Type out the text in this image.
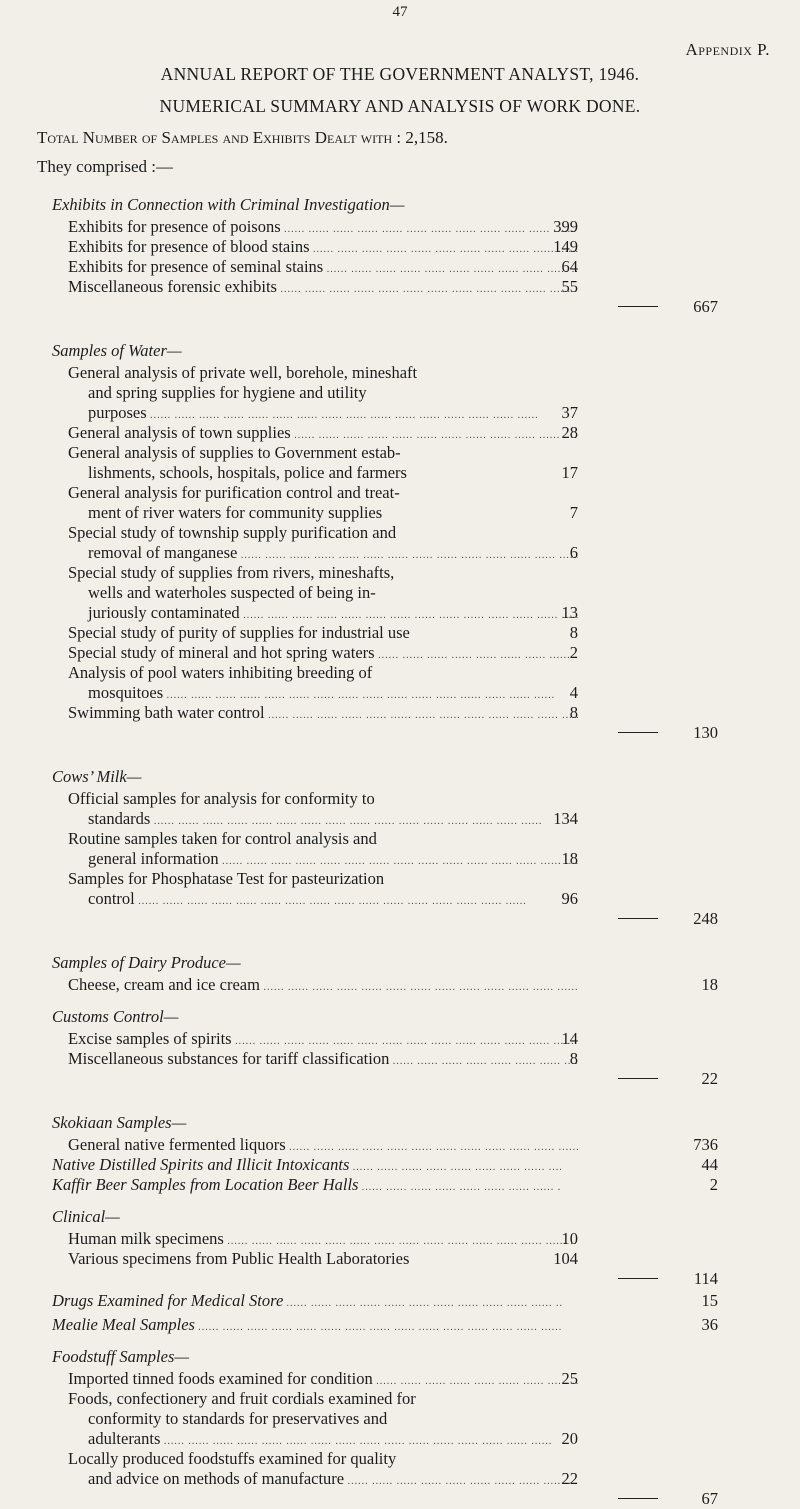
47
Appendix P.
ANNUAL REPORT OF THE GOVERNMENT ANALYST, 1946.
NUMERICAL SUMMARY AND ANALYSIS OF WORK DONE.
Total Number of Samples and Exhibits Dealt with : 2,158.
They comprised :—
Exhibits in Connection with Criminal Investigation—
Exhibits for presence of poisons .....	399
Exhibits for presence of blood stains .....	149
Exhibits for presence of seminal stains .....	64
Miscellaneous forensic exhibits .....	55
667
Samples of Water—
General analysis of private well, borehole, mineshaft
and spring supplies for hygiene and utility
purposes .....	37
General analysis of town supplies .....	28
General analysis of supplies to Government estab-
lishments, schools, hospitals, police and farmers	17
General analysis for purification control and treat-
ment of river waters for community supplies	7
Special study of township supply purification and
removal of manganese .....	6
Special study of supplies from rivers, mineshafts,
wells and waterholes suspected of being in-
juriously contaminated .....	13
Special study of purity of supplies for industrial use	8
Special study of mineral and hot spring waters .....	2
Analysis of pool waters inhibiting breeding of
mosquitoes .....	4
Swimming bath water control .....	8
130
Cows’ Milk—
Official samples for analysis for conformity to
standards .....	134
Routine samples taken for control analysis and
general information .....	18
Samples for Phosphatase Test for pasteurization
control .....	96
248
Samples of Dairy Produce—
Cheese, cream and ice cream .....	18
Customs Control—
Excise samples of spirits .....	14
Miscellaneous substances for tariff classification .....	8
22
Skokiaan Samples—
General native fermented liquors .....	736
Native Distilled Spirits and Illicit Intoxicants .....	44
Kaffir Beer Samples from Location Beer Halls .....	2
Clinical—
Human milk specimens .....	10
Various specimens from Public Health Laboratories	104
114
Drugs Examined for Medical Store .....	15
Mealie Meal Samples .....	36
Foodstuff Samples—
Imported tinned foods examined for condition .....	25
Foods, confectionery and fruit cordials examined for
conformity to standards for preservatives and
adulterants .....	20
Locally produced foodstuffs examined for quality
and advice on methods of manufacture .....	22
67
